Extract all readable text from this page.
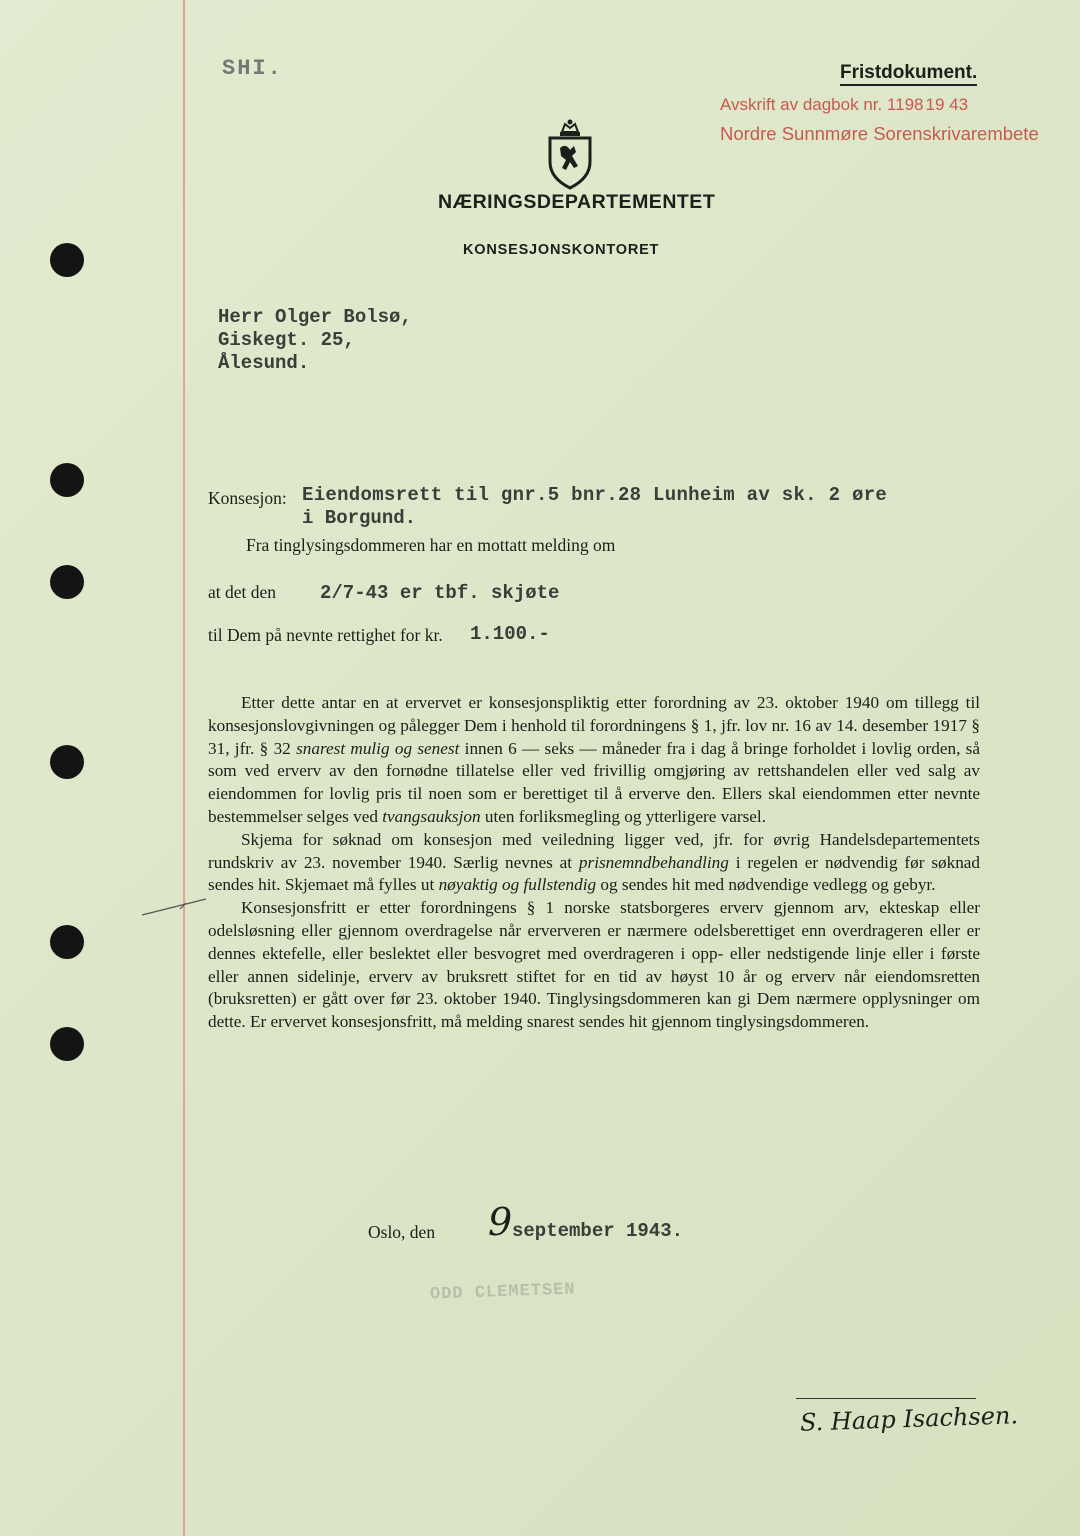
SHI.	Fristdokument.
Avskrift av dagbok nr. 1198 19 43
Nordre Sunnmøre Sorenskrivarembete
NÆRINGSDEPARTEMENTET
KONSESJONSKONTORET
Herr Olger Bolsø,
Giskegt. 25,
Ålesund.
Konsesjon: Eiendomsrett til gnr.5 bnr.28 Lunheim av sk. 2 øre
i Borgund.
Fra tinglysingsdommeren har en mottatt melding om
at det den 2/7-43 er tbf. skjøte
til Dem på nevnte rettighet for kr. 1.100.-

Etter dette antar en at ervervet er konsesjonspliktig etter forordning av 23. oktober 1940 om tillegg til konsesjonslovgivningen og pålegger Dem i henhold til forordningens § 1, jfr. lov nr. 16 av 14. desember 1917 § 31, jfr. § 32 snarest mulig og senest innen 6 — seks — måneder fra i dag å bringe forholdet i lovlig orden, så som ved erverv av den fornødne tillatelse eller ved frivillig omgjøring av rettshandelen eller ved salg av eiendommen for lovlig pris til noen som er berettiget til å erverve den. Ellers skal eiendommen etter nevnte bestemmelser selges ved tvangsauksjon uten forliksmegling og ytterligere varsel.

Skjema for søknad om konsesjon med veiledning ligger ved, jfr. for øvrig Handelsdepartementets rundskriv av 23. november 1940. Særlig nevnes at prisnemndbehandling i regelen er nødvendig før søknad sendes hit. Skjemaet må fylles ut nøyaktig og fullstendig og sendes hit med nødvendige vedlegg og gebyr.

Konsesjonsfritt er etter forordningens § 1 norske statsborgeres erverv gjennom arv, ekteskap eller odelsløsning eller gjennom overdragelse når erververen er nærmere odelsberettiget enn overdrageren eller er dennes ektefelle, eller beslektet eller besvogret med overdrageren i opp- eller nedstigende linje eller i første eller annen sidelinje, erverv av bruksrett stiftet for en tid av høyst 10 år og erverv når eiendomsretten (bruksretten) er gått over før 23. oktober 1940. Tinglysingsdommeren kan gi Dem nærmere opplysninger om dette. Er ervervet konsesjonsfritt, må melding snarest sendes hit gjennom tinglysingsdommeren.

Oslo, den 9 september 1943.
ODD CLEMETSEN
S. Haap Isachsen.
